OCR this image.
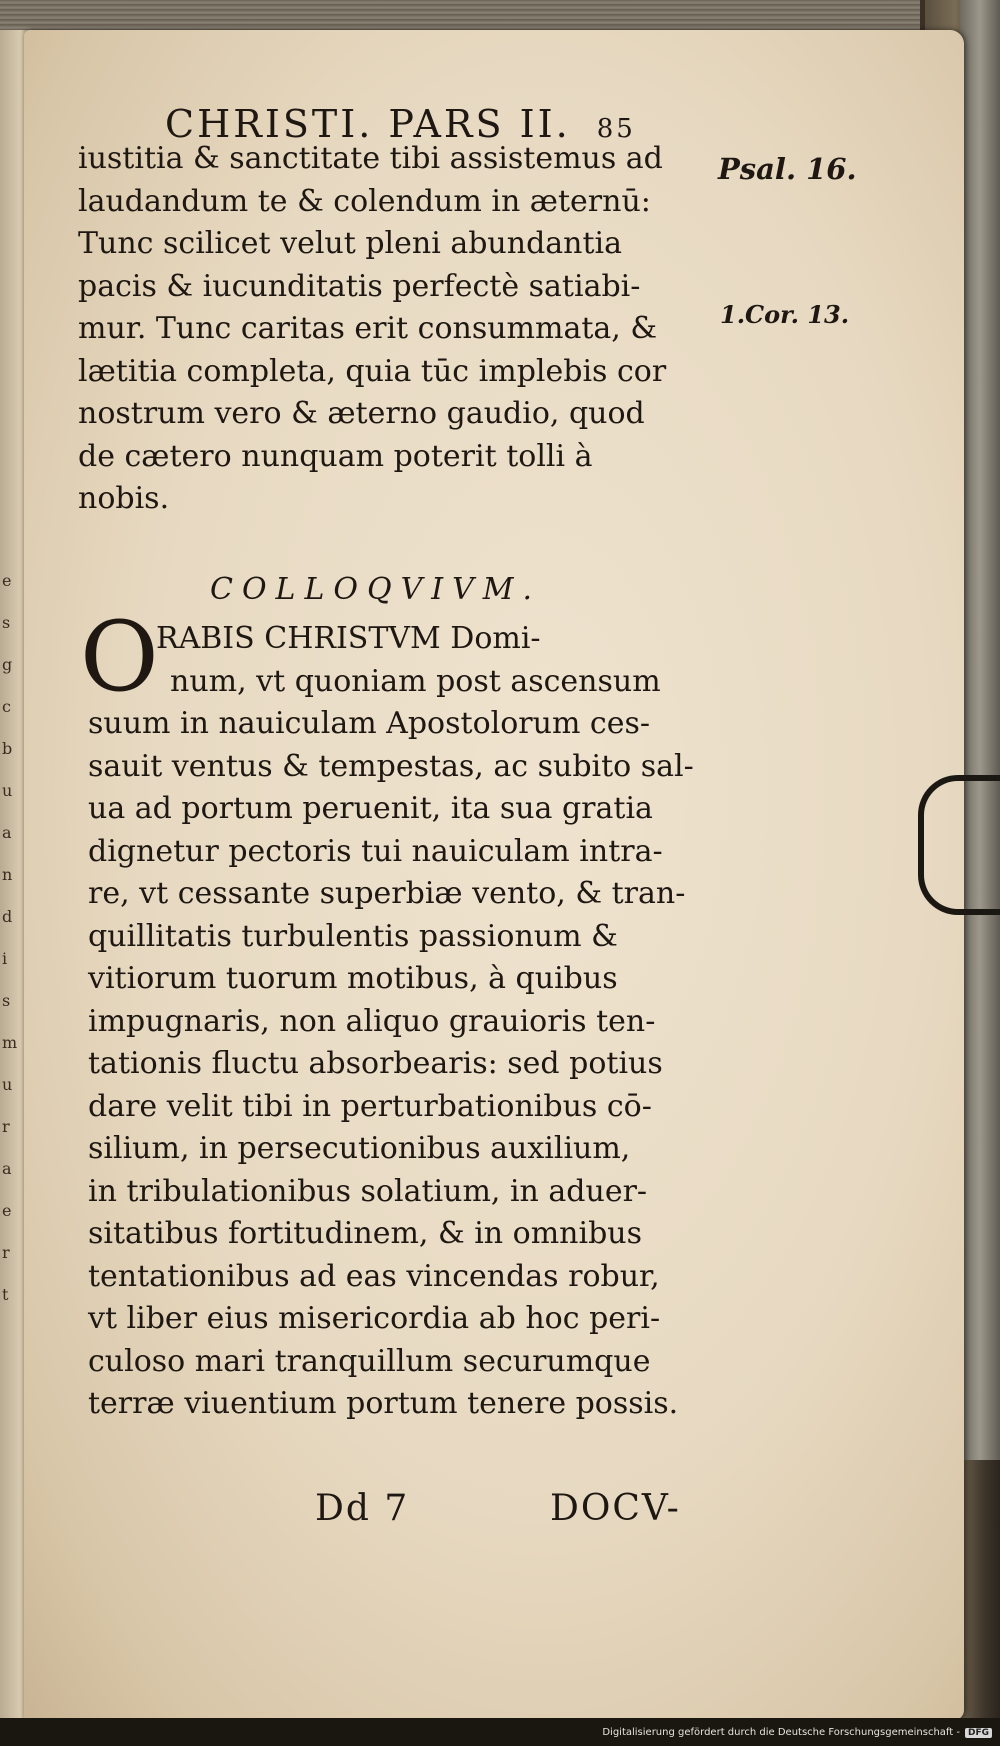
e
s
g
c
b
u
a
n
d
i
s
m
u
r
a
e
r
t
CHRISTI. PARS II. 85
iustitia & sanctitate tibi assistemus ad
laudandum te & colendum in æternū:
Tunc scilicet velut pleni abundantia
pacis & iucunditatis perfectè satiabi-
mur. Tunc caritas erit consummata, &
lætitia completa, quia tūc implebis cor
nostrum vero & æterno gaudio, quod
de cætero nunquam poterit tolli à
nobis.
Psal. 16.
1.Cor. 13.
COLLOQVIVM.
O
RABIS CHRISTVM Domi-
num, vt quoniam post ascensum
suum in nauiculam Apostolorum ces-
sauit ventus & tempestas, ac subito sal-
ua ad portum peruenit, ita sua gratia
dignetur pectoris tui nauiculam intra-
re, vt cessante superbiæ vento, & tran-
quillitatis turbulentis passionum &
vitiorum tuorum motibus, à quibus
impugnaris, non aliquo grauioris ten-
tationis fluctu absorbearis: sed potius
dare velit tibi in perturbationibus cō-
silium, in persecutionibus auxilium,
in tribulationibus solatium, in aduer-
sitatibus fortitudinem, & in omnibus
tentationibus ad eas vincendas robur,
vt liber eius misericordia ab hoc peri-
culoso mari tranquillum securumque
terræ viuentium portum tenere possis.
Dd 7	DOCV-
Digitalisierung gefördert durch die Deutsche Forschungsgemeinschaft - DFG
